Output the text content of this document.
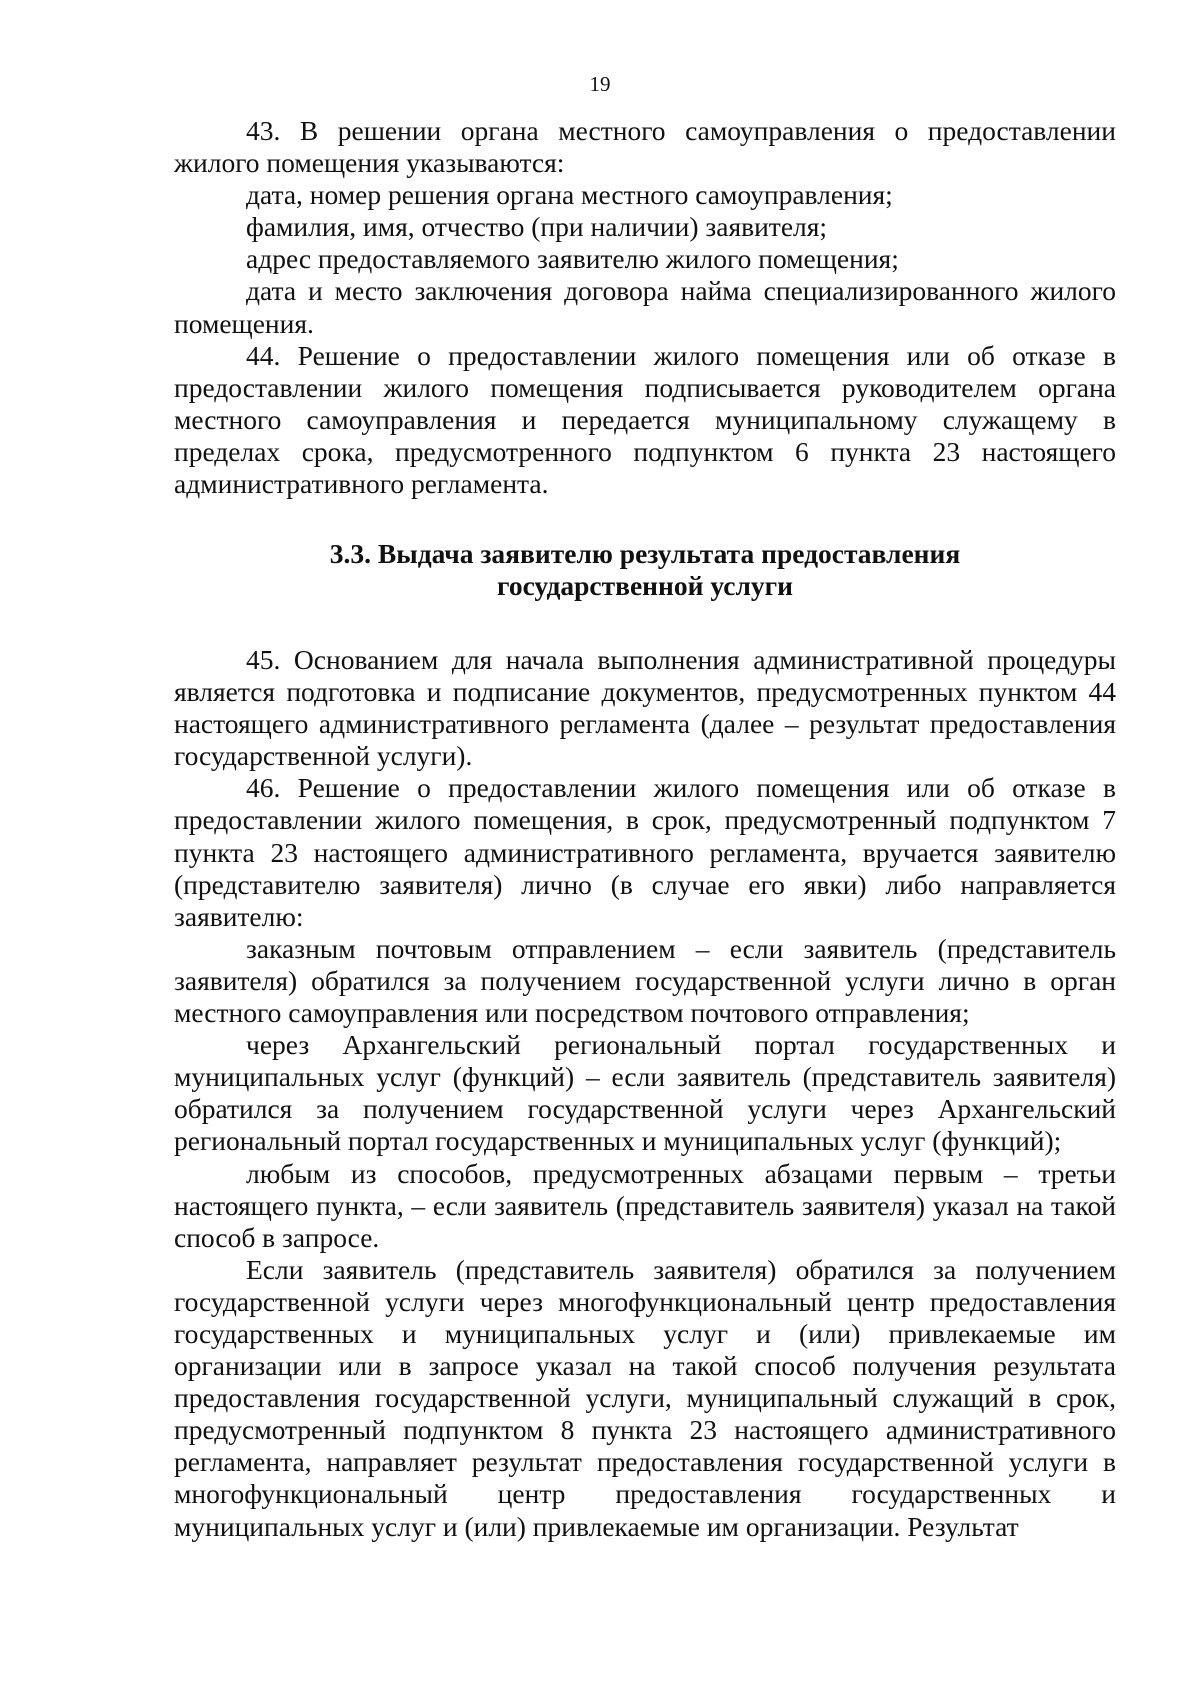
19

43. В решении органа местного самоуправления о предоставлении жилого помещения указываются:

дата, номер решения органа местного самоуправления;

фамилия, имя, отчество (при наличии) заявителя;

адрес предоставляемого заявителю жилого помещения;

дата и место заключения договора найма специализированного жилого помещения.

44. Решение о предоставлении жилого помещения или об отказе в предоставлении жилого помещения подписывается руководителем органа местного самоуправления и передается муниципальному служащему в пределах срока, предусмотренного подпунктом 6 пункта 23 настоящего административного регламента.

3.3. Выдача заявителю результата предоставления
государственной услуги

45. Основанием для начала выполнения административной процедуры является подготовка и подписание документов, предусмотренных пунктом 44 настоящего административного регламента (далее – результат предоставления государственной услуги).

46. Решение о предоставлении жилого помещения или об отказе в предоставлении жилого помещения, в срок, предусмотренный подпунктом 7 пункта 23 настоящего административного регламента, вручается заявителю (представителю заявителя) лично (в случае его явки) либо направляется заявителю:

заказным почтовым отправлением – если заявитель (представитель заявителя) обратился за получением государственной услуги лично в орган местного самоуправления или посредством почтового отправления;

через Архангельский региональный портал государственных и муниципальных услуг (функций) – если заявитель (представитель заявителя) обратился за получением государственной услуги через Архангельский региональный портал государственных и муниципальных услуг (функций);

любым из способов, предусмотренных абзацами первым – третьи настоящего пункта, – если заявитель (представитель заявителя) указал на такой способ в запросе.

Если заявитель (представитель заявителя) обратился за получением государственной услуги через многофункциональный центр предоставления государственных и муниципальных услуг и (или) привлекаемые им организации или в запросе указал на такой способ получения результата предоставления государственной услуги, муниципальный служащий в срок, предусмотренный подпунктом 8 пункта 23 настоящего административного регламента, направляет результат предоставления государственной услуги в многофункциональный центр предоставления государственных и муниципальных услуг и (или) привлекаемые им организации. Результат
